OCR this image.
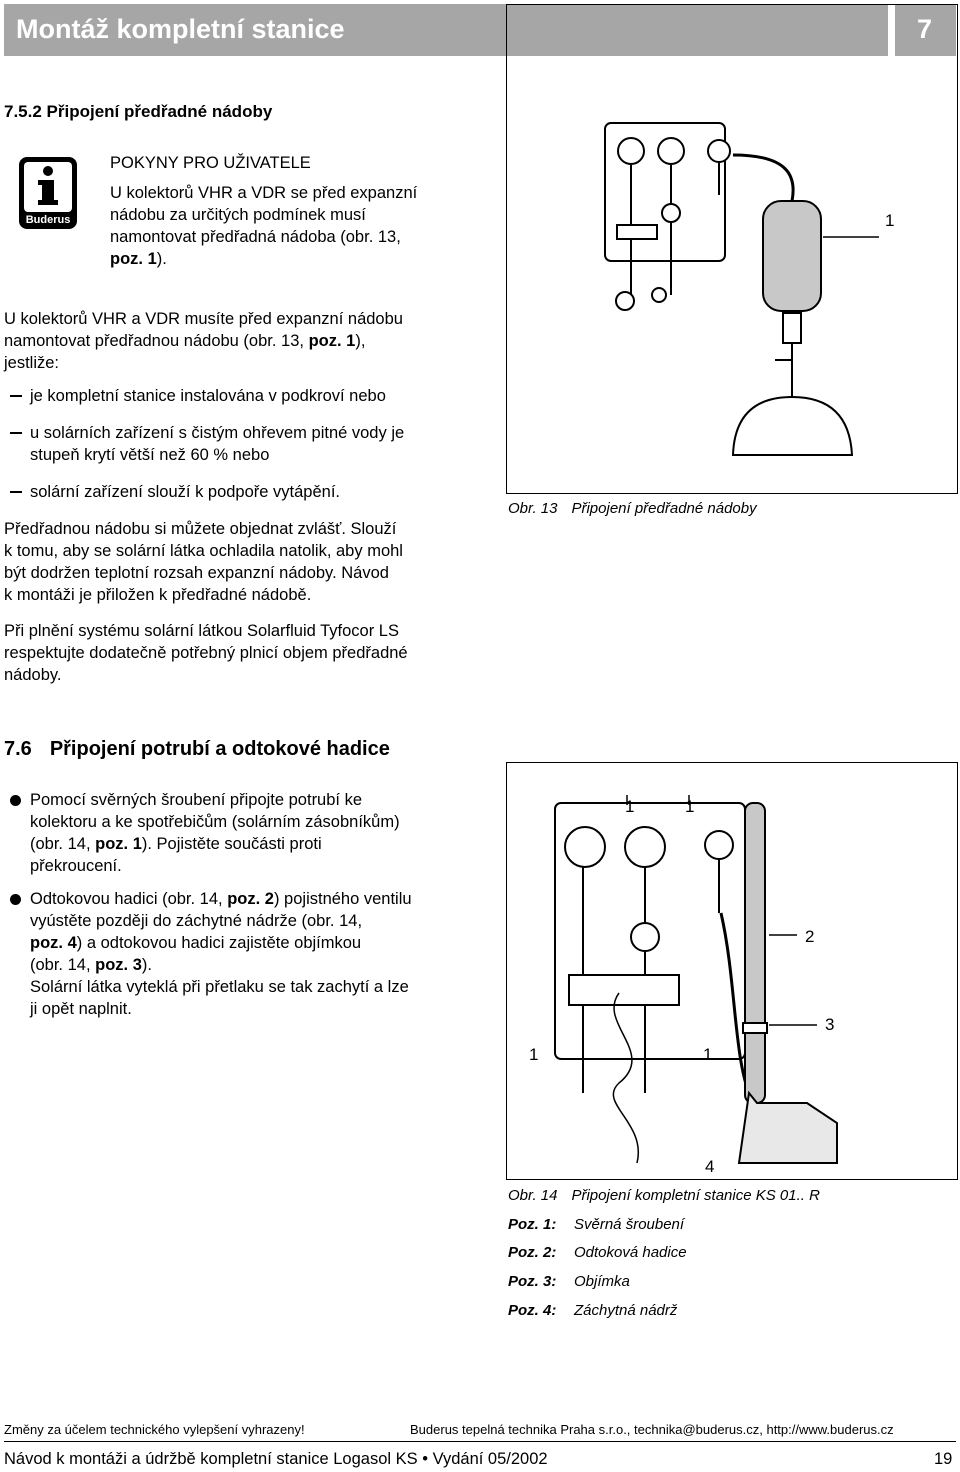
Montáž kompletní stanice	7
7.5.2 Připojení předřadné nádoby
Buderus
POKYNY PRO UŽIVATELE
U kolektorů VHR a VDR se před expanzní
nádobu za určitých podmínek musí
namontovat předřadná nádoba (obr. 13,
poz. 1).
U kolektorů VHR a VDR musíte před expanzní nádobu
namontovat předřadnou nádobu (obr. 13, poz. 1),
jestliže:
je kompletní stanice instalována v podkroví nebo
u solárních zařízení s čistým ohřevem pitné vody je
stupeň krytí větší než 60 % nebo
solární zařízení slouží k podpoře vytápění.
Předřadnou nádobu si můžete objednat zvlášť. Slouží
k tomu, aby se solární látka ochladila natolik, aby mohl
být dodržen teplotní rozsah expanzní nádoby. Návod
k montáži je přiložen k předřadné nádobě.
Při plnění systému solární látkou Solarfluid Tyfocor LS
respektujte dodatečně potřebný plnicí objem předřadné
nádoby.
7.6 Připojení potrubí a odtokové hadice
Pomocí svěrných šroubení připojte potrubí ke
kolektoru a ke spotřebičům (solárním zásobníkům)
(obr. 14, poz. 1). Pojistěte součásti proti
překroucení.
Odtokovou hadici (obr. 14, poz. 2) pojistného ventilu
vyústěte později do záchytné nádrže (obr. 14,
poz. 4) a odtokovou hadici zajistěte objímkou
(obr. 14, poz. 3).
Solární látka vyteklá při přetlaku se tak zachytí a lze
ji opět naplnit.
1
Obr. 13 Připojení předřadné nádoby
1	1
2
3
1	1
4
Obr. 14 Připojení kompletní stanice KS 01.. R
Poz. 1: Svěrná šroubení
Poz. 2: Odtoková hadice
Poz. 3: Objímka
Poz. 4: Záchytná nádrž
Změny za účelem technického vylepšení vyhrazeny!	Buderus tepelná technika Praha s.r.o., technika@buderus.cz, http://www.buderus.cz
Návod k montáži a údržbě kompletní stanice Logasol KS • Vydání 05/2002	19
